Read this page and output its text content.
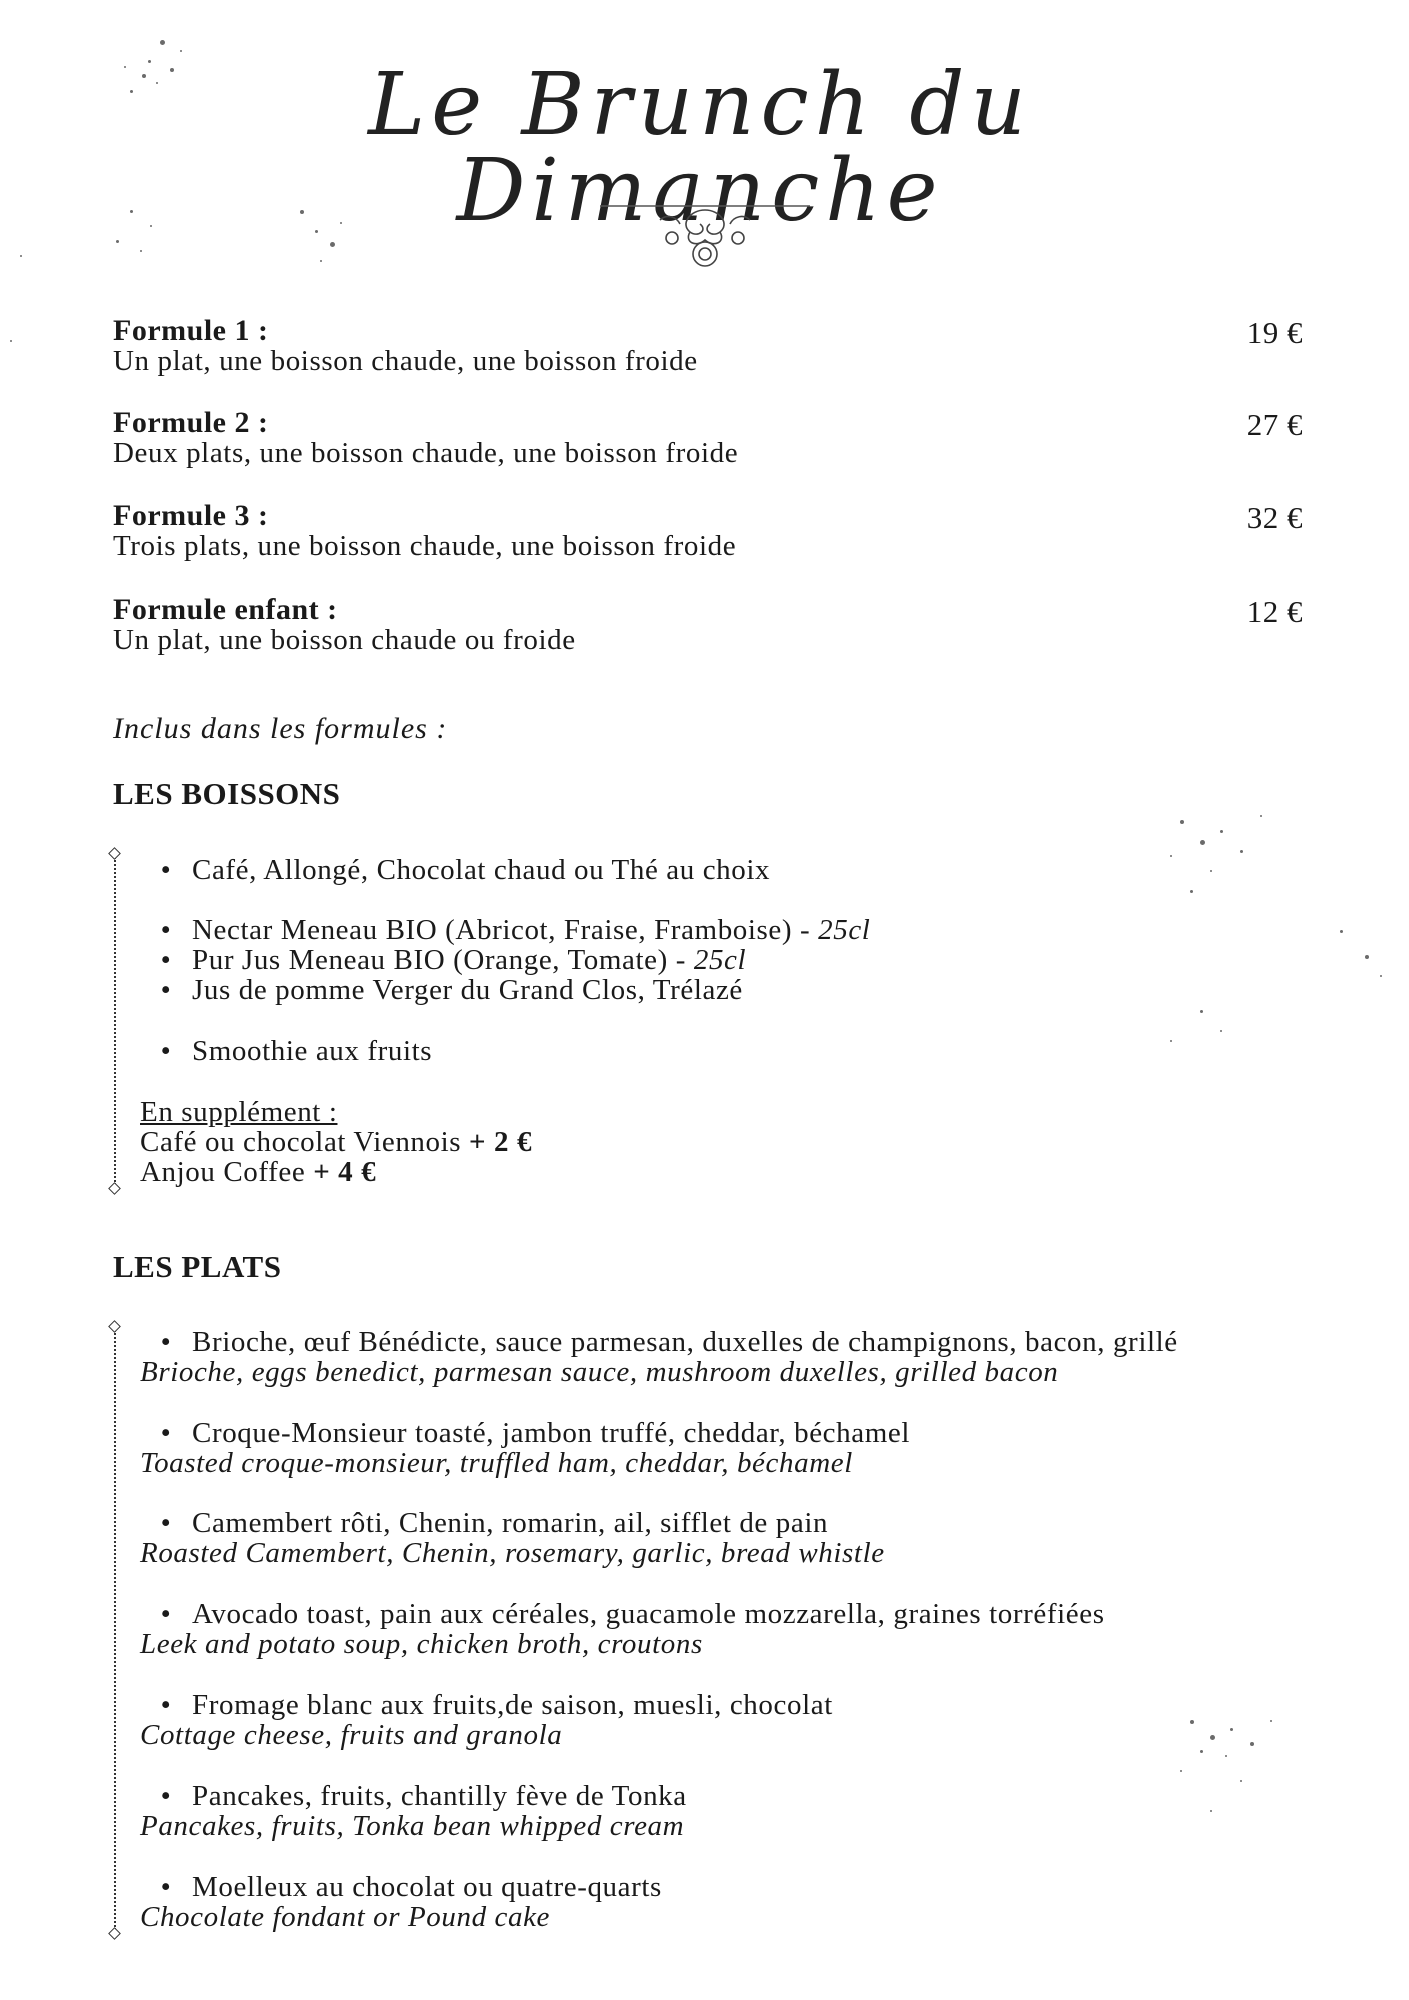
Le Brunch du Dimanche
Formule 1 :
Un plat, une boisson chaude, une boisson froide
19 €
Formule 2 :
Deux plats, une boisson chaude, une boisson froide
27 €
Formule 3 :
Trois plats, une boisson chaude, une boisson froide
32 €
Formule enfant :
Un plat, une boisson chaude ou froide
12 €
Inclus dans les formules :
LES BOISSONS
• Café, Allongé, Chocolat chaud ou Thé au choix
• Nectar Meneau BIO (Abricot, Fraise, Framboise) - 25cl
• Pur Jus Meneau BIO (Orange, Tomate) - 25cl
• Jus de pomme Verger du Grand Clos, Trélazé
• Smoothie aux fruits
En supplément :
Café ou chocolat Viennois + 2 €
Anjou Coffee + 4 €
LES PLATS
• Brioche, œuf Bénédicte, sauce parmesan, duxelles de champignons, bacon, grillé
Brioche, eggs benedict, parmesan sauce, mushroom duxelles, grilled bacon
• Croque-Monsieur toasté, jambon truffé, cheddar, béchamel
Toasted croque-monsieur, truffled ham, cheddar, béchamel
• Camembert rôti, Chenin, romarin, ail, sifflet de pain
Roasted Camembert, Chenin, rosemary, garlic, bread whistle
• Avocado toast, pain aux céréales, guacamole mozzarella, graines torréfiées
Leek and potato soup, chicken broth, croutons
• Fromage blanc aux fruits,de saison, muesli, chocolat
Cottage cheese, fruits and granola
• Pancakes, fruits, chantilly fève de Tonka
Pancakes, fruits, Tonka bean whipped cream
• Moelleux au chocolat ou quatre-quarts
Chocolate fondant or Pound cake
